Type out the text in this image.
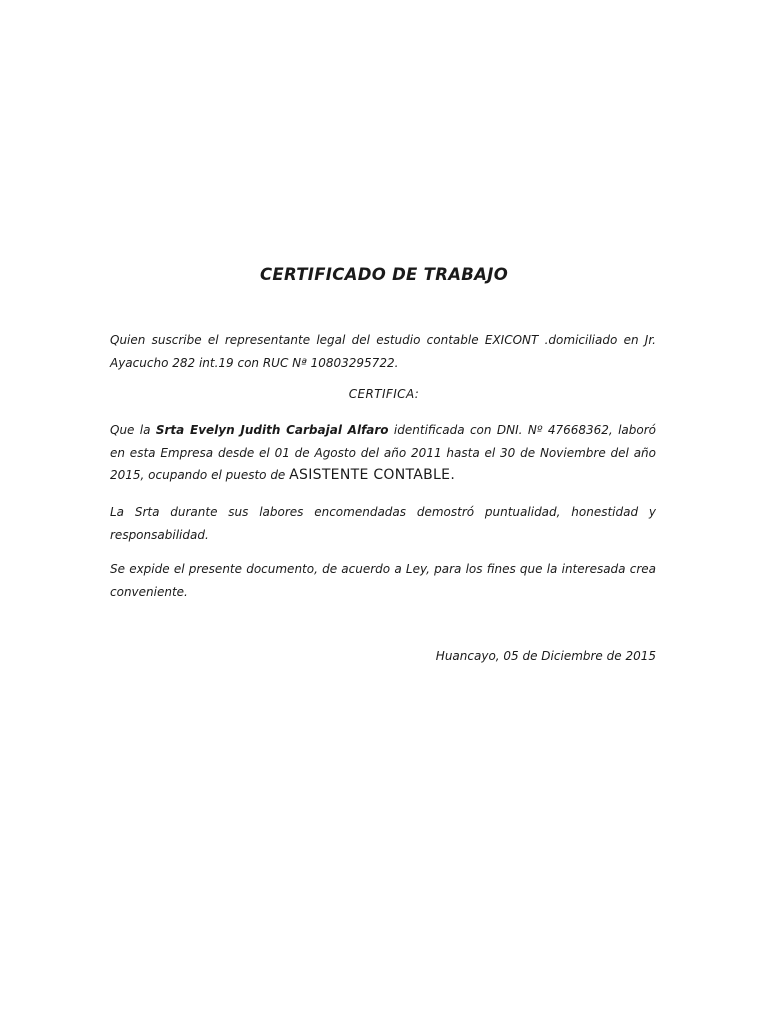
CERTIFICADO DE TRABAJO

Quien suscribe el representante legal del estudio contable EXICONT .domiciliado en Jr. Ayacucho 282 int.19 con RUC Nª 10803295722.

CERTIFICA:

Que la Srta Evelyn Judith Carbajal Alfaro identificada con DNI. Nº 47668362, laboró en esta Empresa desde el 01 de Agosto del año 2011 hasta el 30 de Noviembre del año 2015, ocupando el puesto de ASISTENTE CONTABLE.

La Srta durante sus labores encomendadas demostró puntualidad, honestidad y responsabilidad.

Se expide el presente documento, de acuerdo a Ley, para los fines que la interesada crea conveniente.

Huancayo, 05 de Diciembre de 2015
